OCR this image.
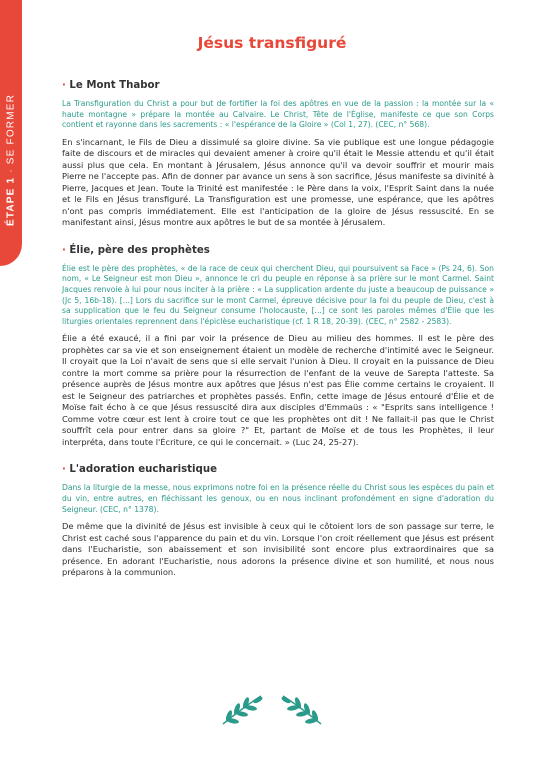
ÉTAPE 1 · SE FORMER
Jésus transfiguré

· Le Mont Thabor

La Transfiguration du Christ a pour but de fortifier la foi des apôtres en vue de la passion : la montée sur la « haute montagne » prépare la montée au Calvaire. Le Christ, Tête de l'Église, manifeste ce que son Corps contient et rayonne dans les sacrements : « l'espérance de la Gloire » (Col 1, 27). (CEC, n° 568).

En s'incarnant, le Fils de Dieu a dissimulé sa gloire divine. Sa vie publique est une longue pédagogie faite de discours et de miracles qui devaient amener à croire qu'il était le Messie attendu et qu'il était aussi plus que cela. En montant à Jérusalem, Jésus annonce qu'il va devoir souffrir et mourir mais Pierre ne l'accepte pas. Afin de donner par avance un sens à son sacrifice, Jésus manifeste sa divinité à Pierre, Jacques et Jean. Toute la Trinité est manifestée : le Père dans la voix, l'Esprit Saint dans la nuée et le Fils en Jésus transfiguré. La Transfiguration est une promesse, une espérance, que les apôtres n'ont pas compris immédiatement. Elle est l'anticipation de la gloire de Jésus ressuscité. En se manifestant ainsi, Jésus montre aux apôtres le but de sa montée à Jérusalem.

· Élie, père des prophètes

Élie est le père des prophètes, « de la race de ceux qui cherchent Dieu, qui poursuivent sa Face » (Ps 24, 6). Son nom, « Le Seigneur est mon Dieu », annonce le cri du peuple en réponse à sa prière sur le mont Carmel. Saint Jacques renvoie à lui pour nous inciter à la prière : « La supplication ardente du juste a beaucoup de puissance » (Jc 5, 16b-18). [...] Lors du sacrifice sur le mont Carmel, épreuve décisive pour la foi du peuple de Dieu, c'est à sa supplication que le feu du Seigneur consume l'holocauste, [...] ce sont les paroles mêmes d'Élie que les liturgies orientales reprennent dans l'épiclèse eucharistique (cf. 1 R 18, 20-39). (CEC, n° 2582 - 2583).

Élie a été exaucé, il a fini par voir la présence de Dieu au milieu des hommes. Il est le père des prophètes car sa vie et son enseignement étaient un modèle de recherche d'intimité avec le Seigneur. Il croyait que la Loi n'avait de sens que si elle servait l'union à Dieu. Il croyait en la puissance de Dieu contre la mort comme sa prière pour la résurrection de l'enfant de la veuve de Sarepta l'atteste. Sa présence auprès de Jésus montre aux apôtres que Jésus n'est pas Élie comme certains le croyaient. Il est le Seigneur des patriarches et prophètes passés. Enfin, cette image de Jésus entouré d'Élie et de Moïse fait écho à ce que Jésus ressuscité dira aux disciples d'Emmaüs : « "Esprits sans intelligence ! Comme votre cœur est lent à croire tout ce que les prophètes ont dit ! Ne fallait-il pas que le Christ souffrît cela pour entrer dans sa gloire ?" Et, partant de Moïse et de tous les Prophètes, il leur interpréta, dans toute l'Écriture, ce qui le concernait. » (Luc 24, 25-27).

· L'adoration eucharistique

Dans la liturgie de la messe, nous exprimons notre foi en la présence réelle du Christ sous les espèces du pain et du vin, entre autres, en fléchissant les genoux, ou en nous inclinant profondément en signe d'adoration du Seigneur. (CEC, n° 1378).

De même que la divinité de Jésus est invisible à ceux qui le côtoient lors de son passage sur terre, le Christ est caché sous l'apparence du pain et du vin. Lorsque l'on croit réellement que Jésus est présent dans l'Eucharistie, son abaissement et son invisibilité sont encore plus extraordinaires que sa présence. En adorant l'Eucharistie, nous adorons la présence divine et son humilité, et nous nous préparons à la communion.
